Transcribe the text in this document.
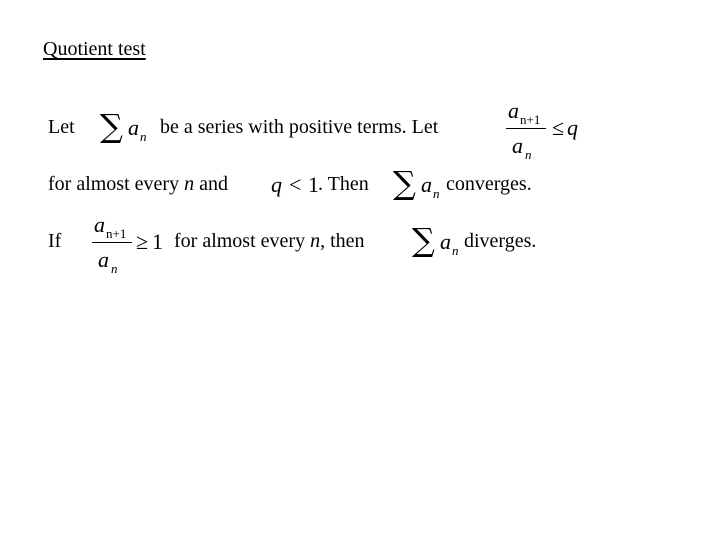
Quotient test
Let ∑ a n be a series with positive terms. Let
a n+1
a n
≤ q
for almost every n and q < 1 . Then ∑ a n converges.
If
a n+1
a n
≥ 1 for almost every n, then ∑ a n diverges.
